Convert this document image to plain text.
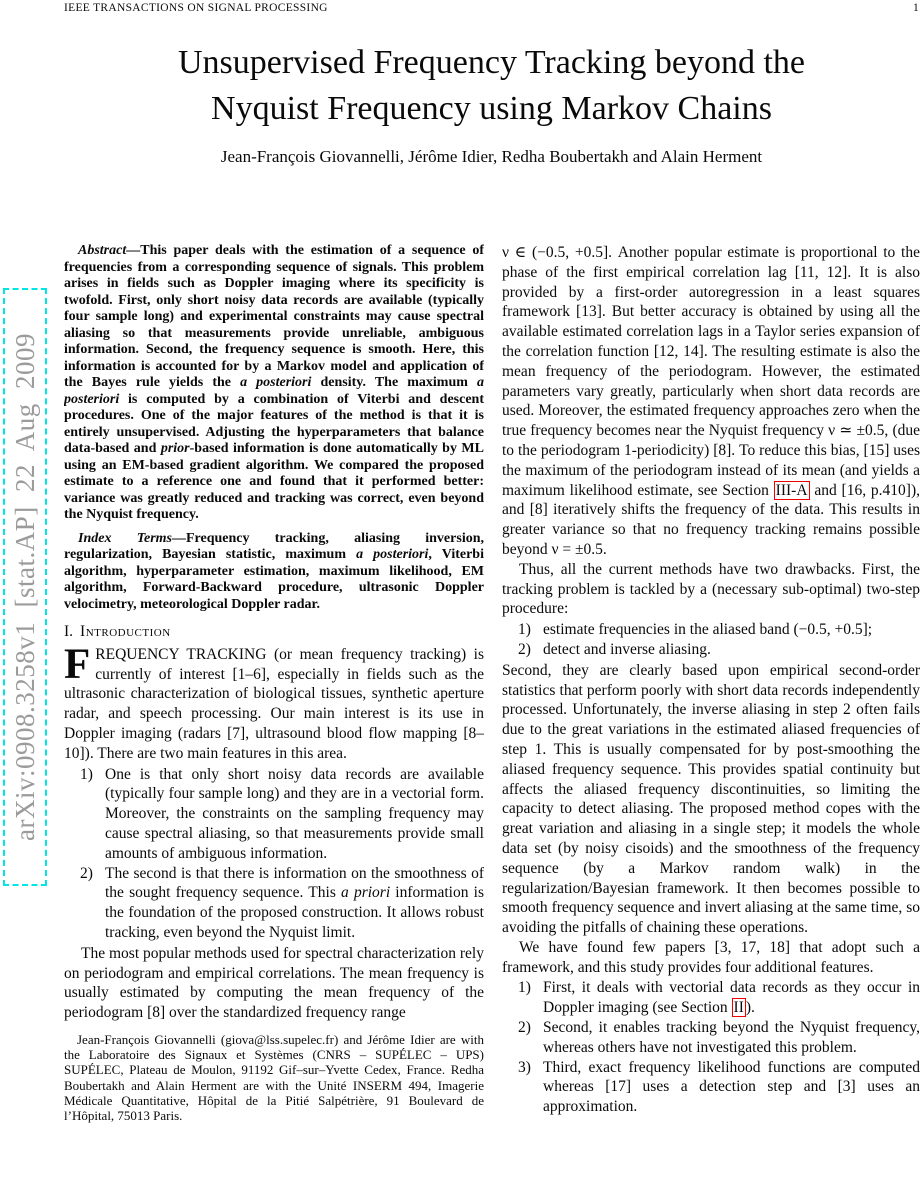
IEEE TRANSACTIONS ON SIGNAL PROCESSING	1
arXiv:0908.3258v1 [stat.AP] 22 Aug 2009
Unsupervised Frequency Tracking beyond the
Nyquist Frequency using Markov Chains
Jean-François Giovannelli, Jérôme Idier, Redha Boubertakh and Alain Herment

Abstract—This paper deals with the estimation of a sequence of frequencies from a corresponding sequence of signals. This problem arises in fields such as Doppler imaging where its specificity is twofold. First, only short noisy data records are available (typically four sample long) and experimental constraints may cause spectral aliasing so that measurements provide unreliable, ambiguous information. Second, the frequency sequence is smooth. Here, this information is accounted for by a Markov model and application of the Bayes rule yields the a posteriori density. The maximum a posteriori is computed by a combination of Viterbi and descent procedures. One of the major features of the method is that it is entirely unsupervised. Adjusting the hyperparameters that balance data-based and prior-based information is done automatically by ML using an EM-based gradient algorithm. We compared the proposed estimate to a reference one and found that it performed better: variance was greatly reduced and tracking was correct, even beyond the Nyquist frequency.

Index Terms—Frequency tracking, aliasing inversion, regularization, Bayesian statistic, maximum a posteriori, Viterbi algorithm, hyperparameter estimation, maximum likelihood, EM algorithm, Forward-Backward procedure, ultrasonic Doppler velocimetry, meteorological Doppler radar.

I. Introduction

FREQUENCY TRACKING (or mean frequency tracking) is currently of interest [1–6], especially in fields such as the ultrasonic characterization of biological tissues, synthetic aperture radar, and speech processing. Our main interest is its use in Doppler imaging (radars [7], ultrasound blood flow mapping [8–10]). There are two main features in this area.

1) One is that only short noisy data records are available (typically four sample long) and they are in a vectorial form. Moreover, the constraints on the sampling frequency may cause spectral aliasing, so that measurements provide small amounts of ambiguous information.
2) The second is that there is information on the smoothness of the sought frequency sequence. This a priori information is the foundation of the proposed construction. It allows robust tracking, even beyond the Nyquist limit.

The most popular methods used for spectral characterization rely on periodogram and empirical correlations. The mean frequency is usually estimated by computing the mean frequency of the periodogram [8] over the standardized frequency range

Jean-François Giovannelli (giova@lss.supelec.fr) and Jérôme Idier are with the Laboratoire des Signaux et Systèmes (CNRS – SUPÉLEC – UPS) SUPÉLEC, Plateau de Moulon, 91192 Gif–sur–Yvette Cedex, France. Redha Boubertakh and Alain Herment are with the Unité INSERM 494, Imagerie Médicale Quantitative, Hôpital de la Pitié Salpétrière, 91 Boulevard de l’Hôpital, 75013 Paris.

ν ∈ (−0.5, +0.5]. Another popular estimate is proportional to the phase of the first empirical correlation lag [11, 12]. It is also provided by a first-order autoregression in a least squares framework [13]. But better accuracy is obtained by using all the available estimated correlation lags in a Taylor series expansion of the correlation function [12, 14]. The resulting estimate is also the mean frequency of the periodogram. However, the estimated parameters vary greatly, particularly when short data records are used. Moreover, the estimated frequency approaches zero when the true frequency becomes near the Nyquist frequency ν ≃ ±0.5, (due to the periodogram 1-periodicity) [8]. To reduce this bias, [15] uses the maximum of the periodogram instead of its mean (and yields a maximum likelihood estimate, see Section III-A and [16, p.410]), and [8] iteratively shifts the frequency of the data. This results in greater variance so that no frequency tracking remains possible beyond ν = ±0.5.

Thus, all the current methods have two drawbacks. First, the tracking problem is tackled by a (necessary sub-optimal) two-step procedure:

1) estimate frequencies in the aliased band (−0.5, +0.5];
2) detect and inverse aliasing.

Second, they are clearly based upon empirical second-order statistics that perform poorly with short data records independently processed. Unfortunately, the inverse aliasing in step 2 often fails due to the great variations in the estimated aliased frequencies of step 1. This is usually compensated for by post-smoothing the aliased frequency sequence. This provides spatial continuity but affects the aliased frequency discontinuities, so limiting the capacity to detect aliasing. The proposed method copes with the great variation and aliasing in a single step; it models the whole data set (by noisy cisoids) and the smoothness of the frequency sequence (by a Markov random walk) in the regularization/Bayesian framework. It then becomes possible to smooth frequency sequence and invert aliasing at the same time, so avoiding the pitfalls of chaining these operations.

We have found few papers [3, 17, 18] that adopt such a framework, and this study provides four additional features.

1) First, it deals with vectorial data records as they occur in Doppler imaging (see Section II ).
2) Second, it enables tracking beyond the Nyquist frequency, whereas others have not investigated this problem.
3) Third, exact frequency likelihood functions are computed whereas [17] uses a detection step and [3] uses an approximation.
